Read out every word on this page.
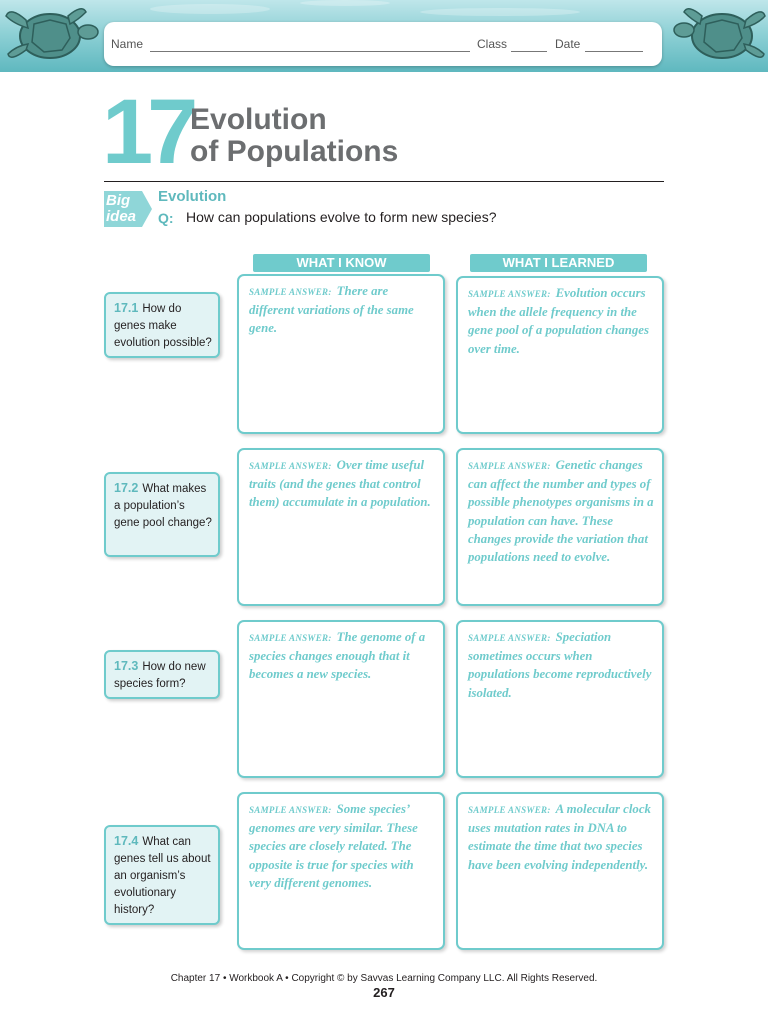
Name	Class	Date
17
Evolution
of Populations
Big
idea
Evolution
Q: How can populations evolve to form new species?
WHAT I KNOW	WHAT I LEARNED
17.1 How do genes make evolution possible?
SAMPLE ANSWER: There are different variations of the same gene.
SAMPLE ANSWER: Evolution occurs when the allele frequency in the gene pool of a population changes over time.
17.2 What makes a population’s gene pool change?
SAMPLE ANSWER: Over time useful traits (and the genes that control them) accumulate in a population.
SAMPLE ANSWER: Genetic changes can affect the number and types of possible phenotypes organisms in a population can have. These changes provide the variation that populations need to evolve.
17.3 How do new species form?
SAMPLE ANSWER: The genome of a species changes enough that it becomes a new species.
SAMPLE ANSWER: Speciation sometimes occurs when populations become reproductively isolated.
17.4 What can genes tell us about an organism’s evolutionary history?
SAMPLE ANSWER: Some species’ genomes are very similar. These species are closely related. The opposite is true for species with very different genomes.
SAMPLE ANSWER: A molecular clock uses mutation rates in DNA to estimate the time that two species have been evolving independently.
Chapter 17 • Workbook A • Copyright © by Savvas Learning Company LLC. All Rights Reserved.
267
